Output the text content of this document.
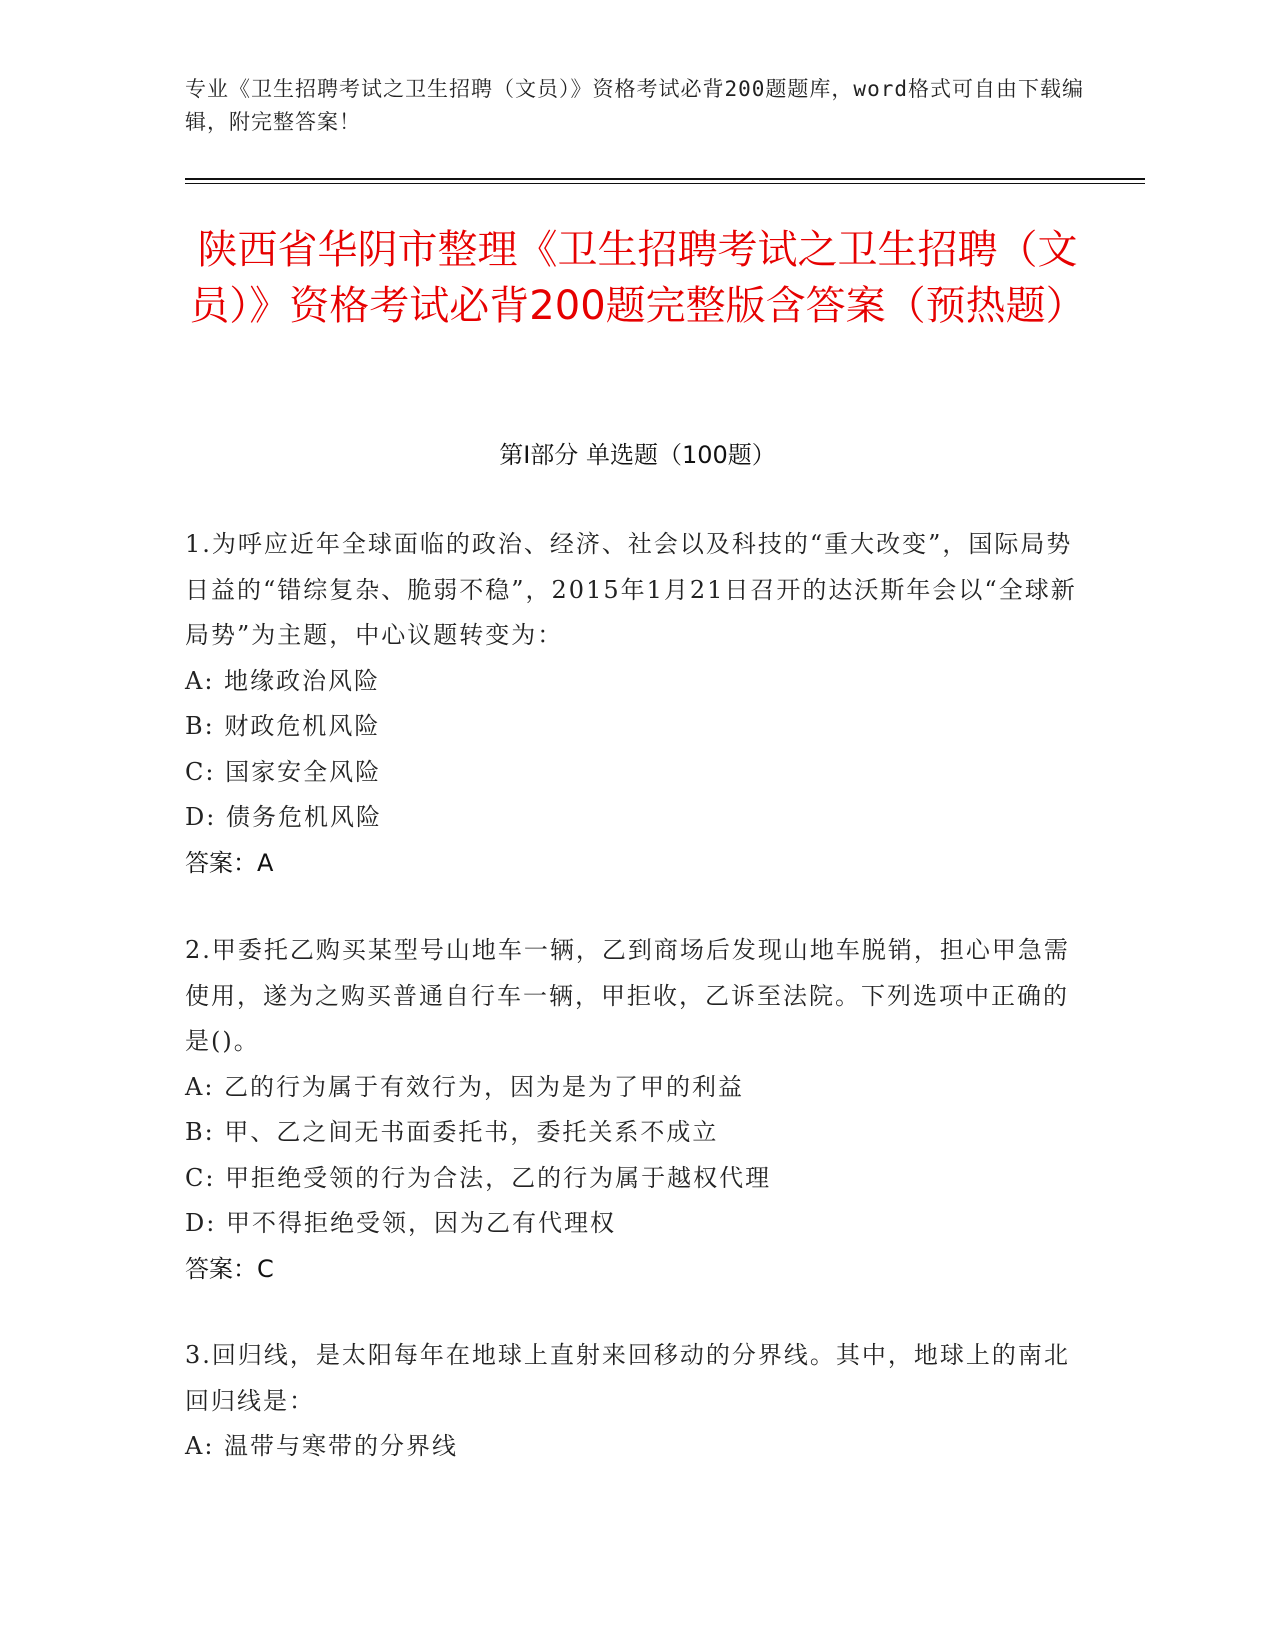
专业《卫生招聘考试之卫生招聘（文员）》资格考试必背200题题库，word格式可自由下载编辑，附完整答案！
陕西省华阴市整理《卫生招聘考试之卫生招聘（文员）》资格考试必背200题完整版含答案（预热题）
第Ⅰ部分 单选题（100题）
1.为呼应近年全球面临的政治、经济、社会以及科技的“重大改变”，国际局势日益的“错综复杂、脆弱不稳”，2015年1月21日召开的达沃斯年会以“全球新局势”为主题，中心议题转变为：
A: 地缘政治风险
B: 财政危机风险
C: 国家安全风险
D: 债务危机风险
答案：A
2.甲委托乙购买某型号山地车一辆，乙到商场后发现山地车脱销，担心甲急需使用，遂为之购买普通自行车一辆，甲拒收，乙诉至法院。下列选项中正确的是()。
A: 乙的行为属于有效行为，因为是为了甲的利益
B: 甲、乙之间无书面委托书，委托关系不成立
C: 甲拒绝受领的行为合法，乙的行为属于越权代理
D: 甲不得拒绝受领，因为乙有代理权
答案：C
3.回归线，是太阳每年在地球上直射来回移动的分界线。其中，地球上的南北回归线是：
A: 温带与寒带的分界线
